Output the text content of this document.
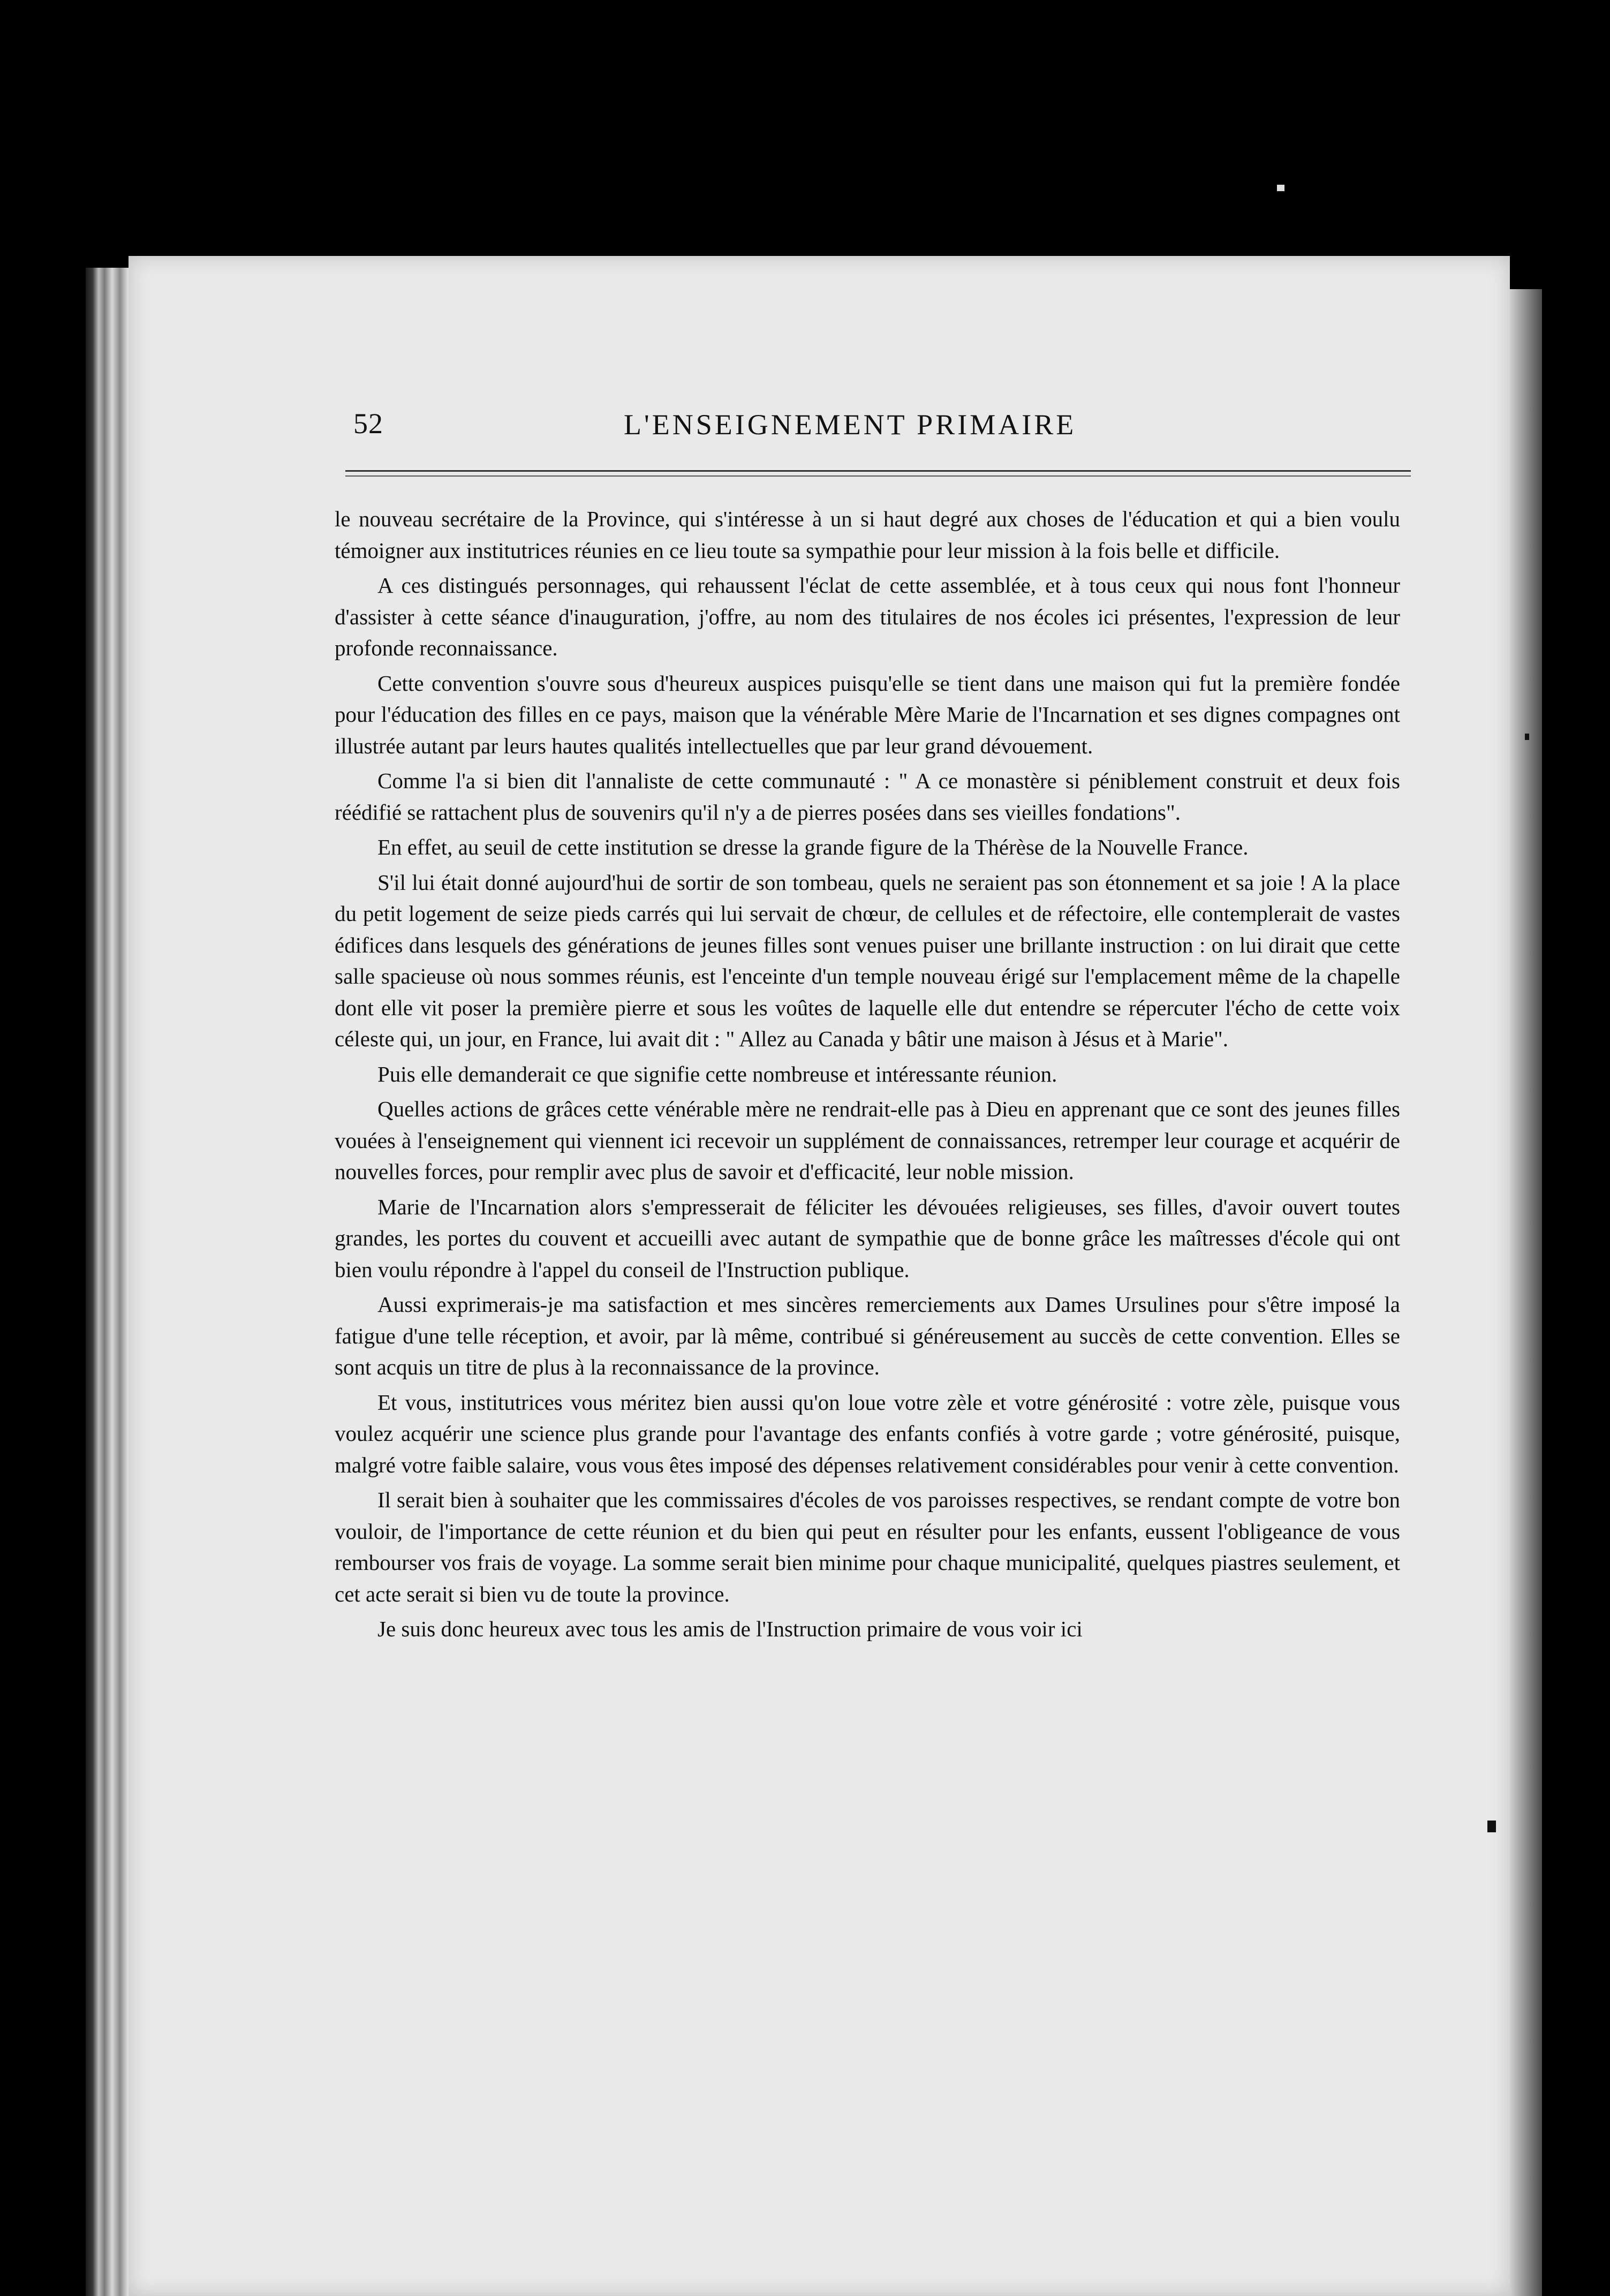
52	L'ENSEIGNEMENT PRIMAIRE

le nouveau secrétaire de la Province, qui s'intéresse à un si haut degré aux choses de l'éducation et qui a bien voulu témoigner aux institutrices réunies en ce lieu toute sa sympathie pour leur mission à la fois belle et difficile.

A ces distingués personnages, qui rehaussent l'éclat de cette assemblée, et à tous ceux qui nous font l'honneur d'assister à cette séance d'inauguration, j'offre, au nom des titulaires de nos écoles ici présentes, l'expression de leur profonde reconnaissance.

Cette convention s'ouvre sous d'heureux auspices puisqu'elle se tient dans une maison qui fut la première fondée pour l'éducation des filles en ce pays, maison que la vénérable Mère Marie de l'Incarnation et ses dignes compagnes ont illustrée autant par leurs hautes qualités intellectuelles que par leur grand dévouement.

Comme l'a si bien dit l'annaliste de cette communauté : " A ce monastère si péniblement construit et deux fois réédifié se rattachent plus de souvenirs qu'il n'y a de pierres posées dans ses vieilles fondations".

En effet, au seuil de cette institution se dresse la grande figure de la Thérèse de la Nouvelle France.

S'il lui était donné aujourd'hui de sortir de son tombeau, quels ne seraient pas son étonnement et sa joie ! A la place du petit logement de seize pieds carrés qui lui servait de chœur, de cellules et de réfectoire, elle contemplerait de vastes édifices dans lesquels des générations de jeunes filles sont venues puiser une brillante instruction : on lui dirait que cette salle spacieuse où nous sommes réunis, est l'enceinte d'un temple nouveau érigé sur l'emplacement même de la chapelle dont elle vit poser la première pierre et sous les voûtes de laquelle elle dut entendre se répercuter l'écho de cette voix céleste qui, un jour, en France, lui avait dit : " Allez au Canada y bâtir une maison à Jésus et à Marie".

Puis elle demanderait ce que signifie cette nombreuse et intéressante réunion.

Quelles actions de grâces cette vénérable mère ne rendrait-elle pas à Dieu en apprenant que ce sont des jeunes filles vouées à l'enseignement qui viennent ici recevoir un supplément de connaissances, retremper leur courage et acquérir de nouvelles forces, pour remplir avec plus de savoir et d'efficacité, leur noble mission.

Marie de l'Incarnation alors s'empresserait de féliciter les dévouées religieuses, ses filles, d'avoir ouvert toutes grandes, les portes du couvent et accueilli avec autant de sympathie que de bonne grâce les maîtresses d'école qui ont bien voulu répondre à l'appel du conseil de l'Instruction publique.

Aussi exprimerais-je ma satisfaction et mes sincères remerciements aux Dames Ursulines pour s'être imposé la fatigue d'une telle réception, et avoir, par là même, contribué si généreusement au succès de cette convention. Elles se sont acquis un titre de plus à la reconnaissance de la province.

Et vous, institutrices vous méritez bien aussi qu'on loue votre zèle et votre générosité : votre zèle, puisque vous voulez acquérir une science plus grande pour l'avantage des enfants confiés à votre garde ; votre générosité, puisque, malgré votre faible salaire, vous vous êtes imposé des dépenses relativement considérables pour venir à cette convention.

Il serait bien à souhaiter que les commissaires d'écoles de vos paroisses respectives, se rendant compte de votre bon vouloir, de l'importance de cette réunion et du bien qui peut en résulter pour les enfants, eussent l'obligeance de vous rembourser vos frais de voyage. La somme serait bien minime pour chaque municipalité, quelques piastres seulement, et cet acte serait si bien vu de toute la province.

Je suis donc heureux avec tous les amis de l'Instruction primaire de vous voir ici
